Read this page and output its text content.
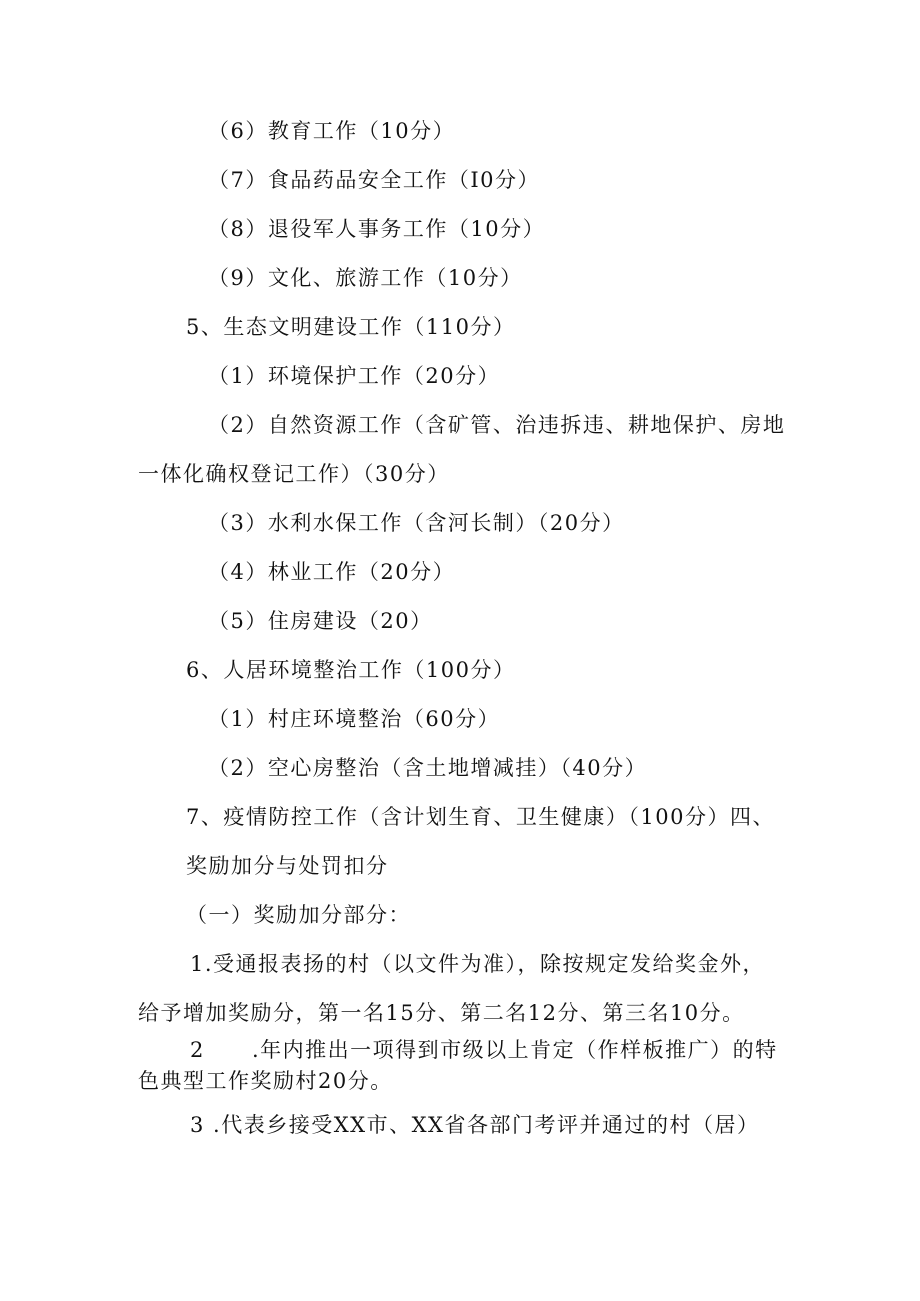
（6）教育工作（10分）
（7）食品药品安全工作（I0分）
（8）退役军人事务工作（10分）
（9）文化、旅游工作（10分）
5、生态文明建设工作（110分）
（1）环境保护工作（20分）
（2）自然资源工作（含矿管、治违拆违、耕地保护、房地
一体化确权登记工作）（30分）
（3）水利水保工作（含河长制）（20分）
（4）林业工作（20分）
（5）住房建设（20）
6、人居环境整治工作（100分）
（1）村庄环境整治（60分）
（2）空心房整治（含土地增减挂）（40分）
7、疫情防控工作（含计划生育、卫生健康）（100分）四、
奖励加分与处罚扣分
（一）奖励加分部分：
1.受通报表扬的村（以文件为准），除按规定发给奖金外，
给予增加奖励分，第一名15分、第二名12分、第三名10分。
2 .年内推出一项得到市级以上肯定（作样板推广）的特
色典型工作奖励村20分。
3 .代表乡接受XX市、XX省各部门考评并通过的村（居）
